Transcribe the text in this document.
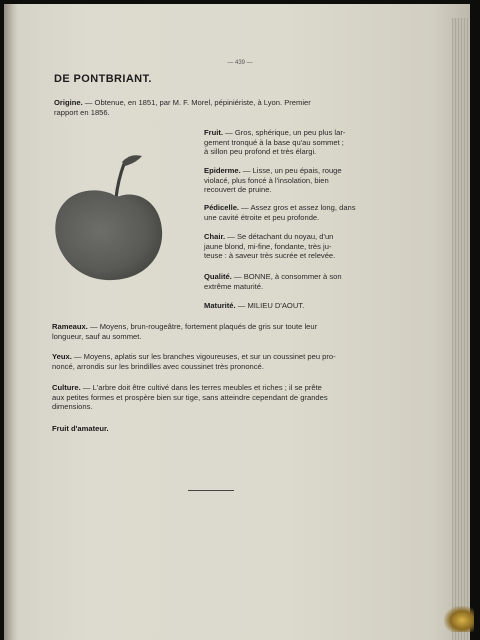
— 439 —
DE PONTBRIANT.
Origine. — Obtenue, en 1851, par M. F. Morel, pépiniériste, à Lyon. Premier
rapport en 1856.
Fruit. — Gros, sphérique, un peu plus lar-
gement tronqué à la base qu'au sommet ;
à sillon peu profond et très élargi.
Epiderme. — Lisse, un peu épais, rouge
violacé, plus foncé à l'insolation, bien
recouvert de pruine.
Pédicelle. — Assez gros et assez long, dans
une cavité étroite et peu profonde.
Chair. — Se détachant du noyau, d'un
jaune blond, mi-fine, fondante, très ju-
teuse : à saveur très sucrée et relevée.
Qualité. — BONNE, à consommer à son
extrême maturité.
Maturité. — MILIEU D'AOUT.
Rameaux. — Moyens, brun-rougeâtre, fortement plaqués de gris sur toute leur
longueur, sauf au sommet.
Yeux. — Moyens, aplatis sur les branches vigoureuses, et sur un coussinet peu pro-
noncé, arrondis sur les brindilles avec coussinet très prononcé.
Culture. — L'arbre doit être cultivé dans les terres meubles et riches ; il se prête
aux petites formes et prospère bien sur tige, sans atteindre cependant de grandes
dimensions.
Fruit d'amateur.
